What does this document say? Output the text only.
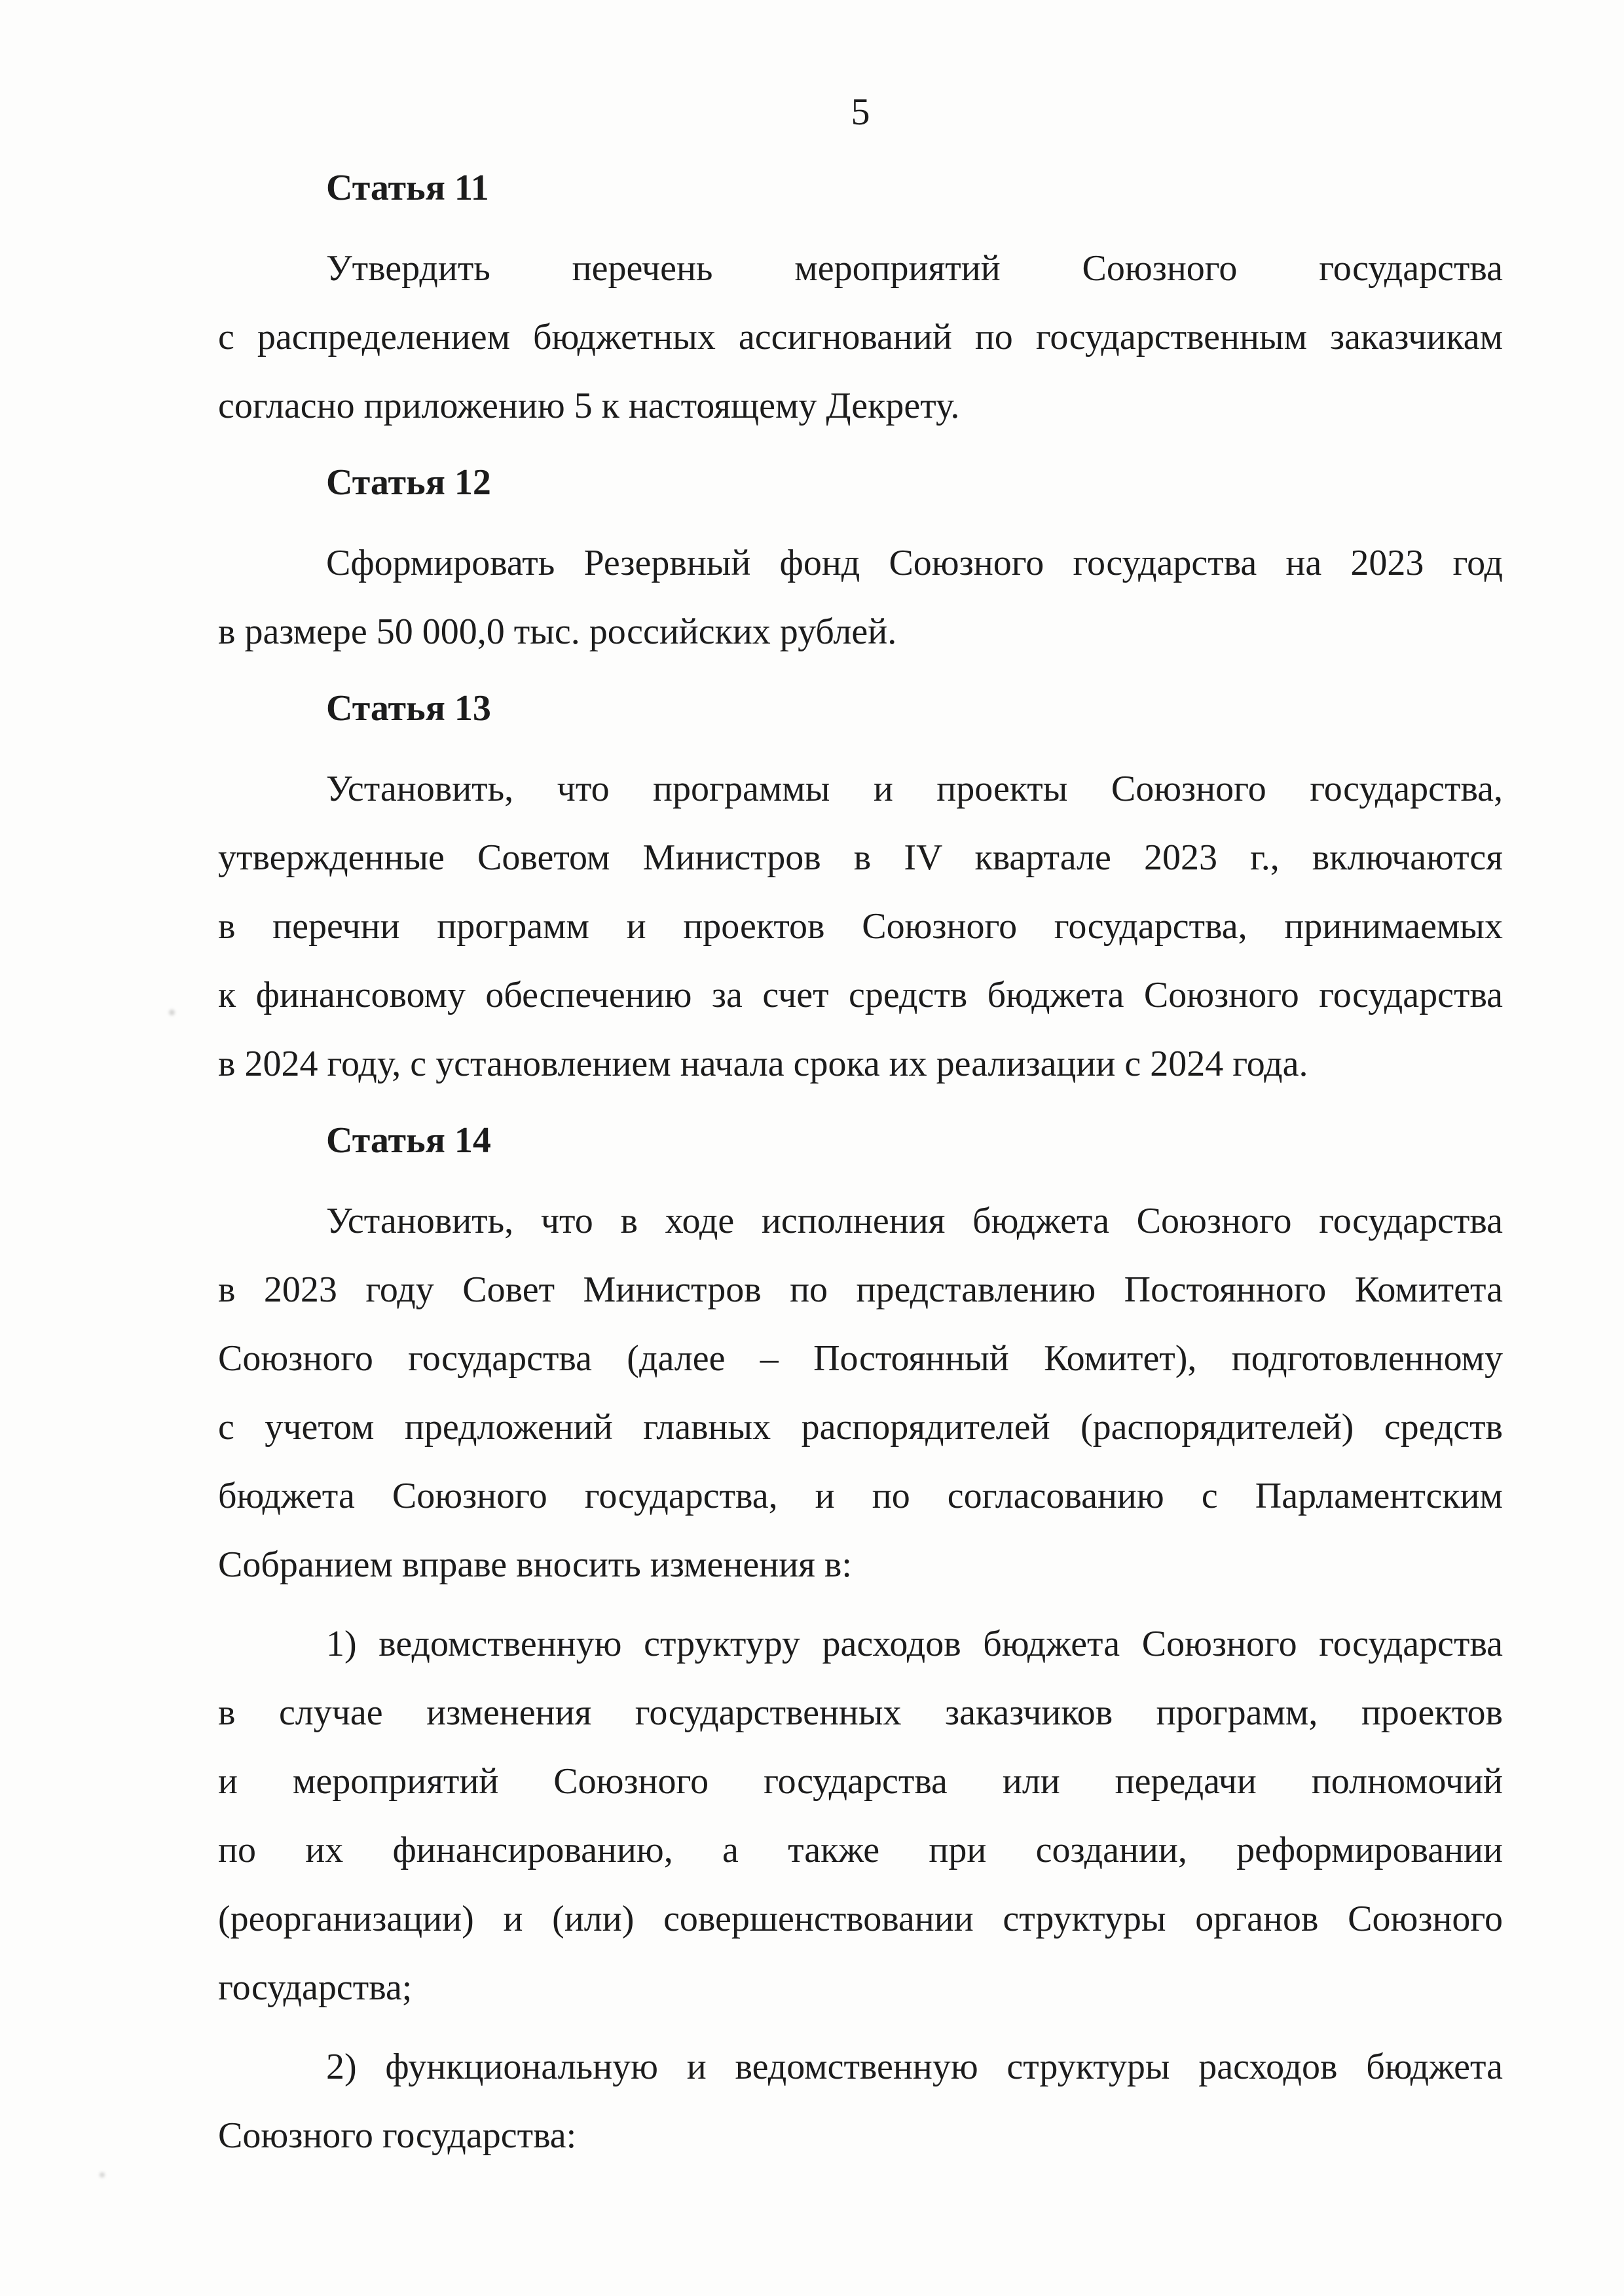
5
Статья 11
Утвердить перечень мероприятий Союзного государства
с распределением бюджетных ассигнований по государственным заказчикам
согласно приложению 5 к настоящему Декрету.
Статья 12
Сформировать Резервный фонд Союзного государства на 2023 год
в размере 50 000,0 тыс. российских рублей.
Статья 13
Установить, что программы и проекты Союзного государства,
утвержденные Советом Министров в IV квартале 2023 г., включаются
в перечни программ и проектов Союзного государства, принимаемых
к финансовому обеспечению за счет средств бюджета Союзного государства
в 2024 году, с установлением начала срока их реализации с 2024 года.
Статья 14
Установить, что в ходе исполнения бюджета Союзного государства
в 2023 году Совет Министров по представлению Постоянного Комитета
Союзного государства (далее – Постоянный Комитет), подготовленному
с учетом предложений главных распорядителей (распорядителей) средств
бюджета Союзного государства, и по согласованию с Парламентским
Собранием вправе вносить изменения в:
1) ведомственную структуру расходов бюджета Союзного государства
в случае изменения государственных заказчиков программ, проектов
и мероприятий Союзного государства или передачи полномочий
по их финансированию, а также при создании, реформировании
(реорганизации) и (или) совершенствовании структуры органов Союзного
государства;
2) функциональную и ведомственную структуры расходов бюджета
Союзного государства:
